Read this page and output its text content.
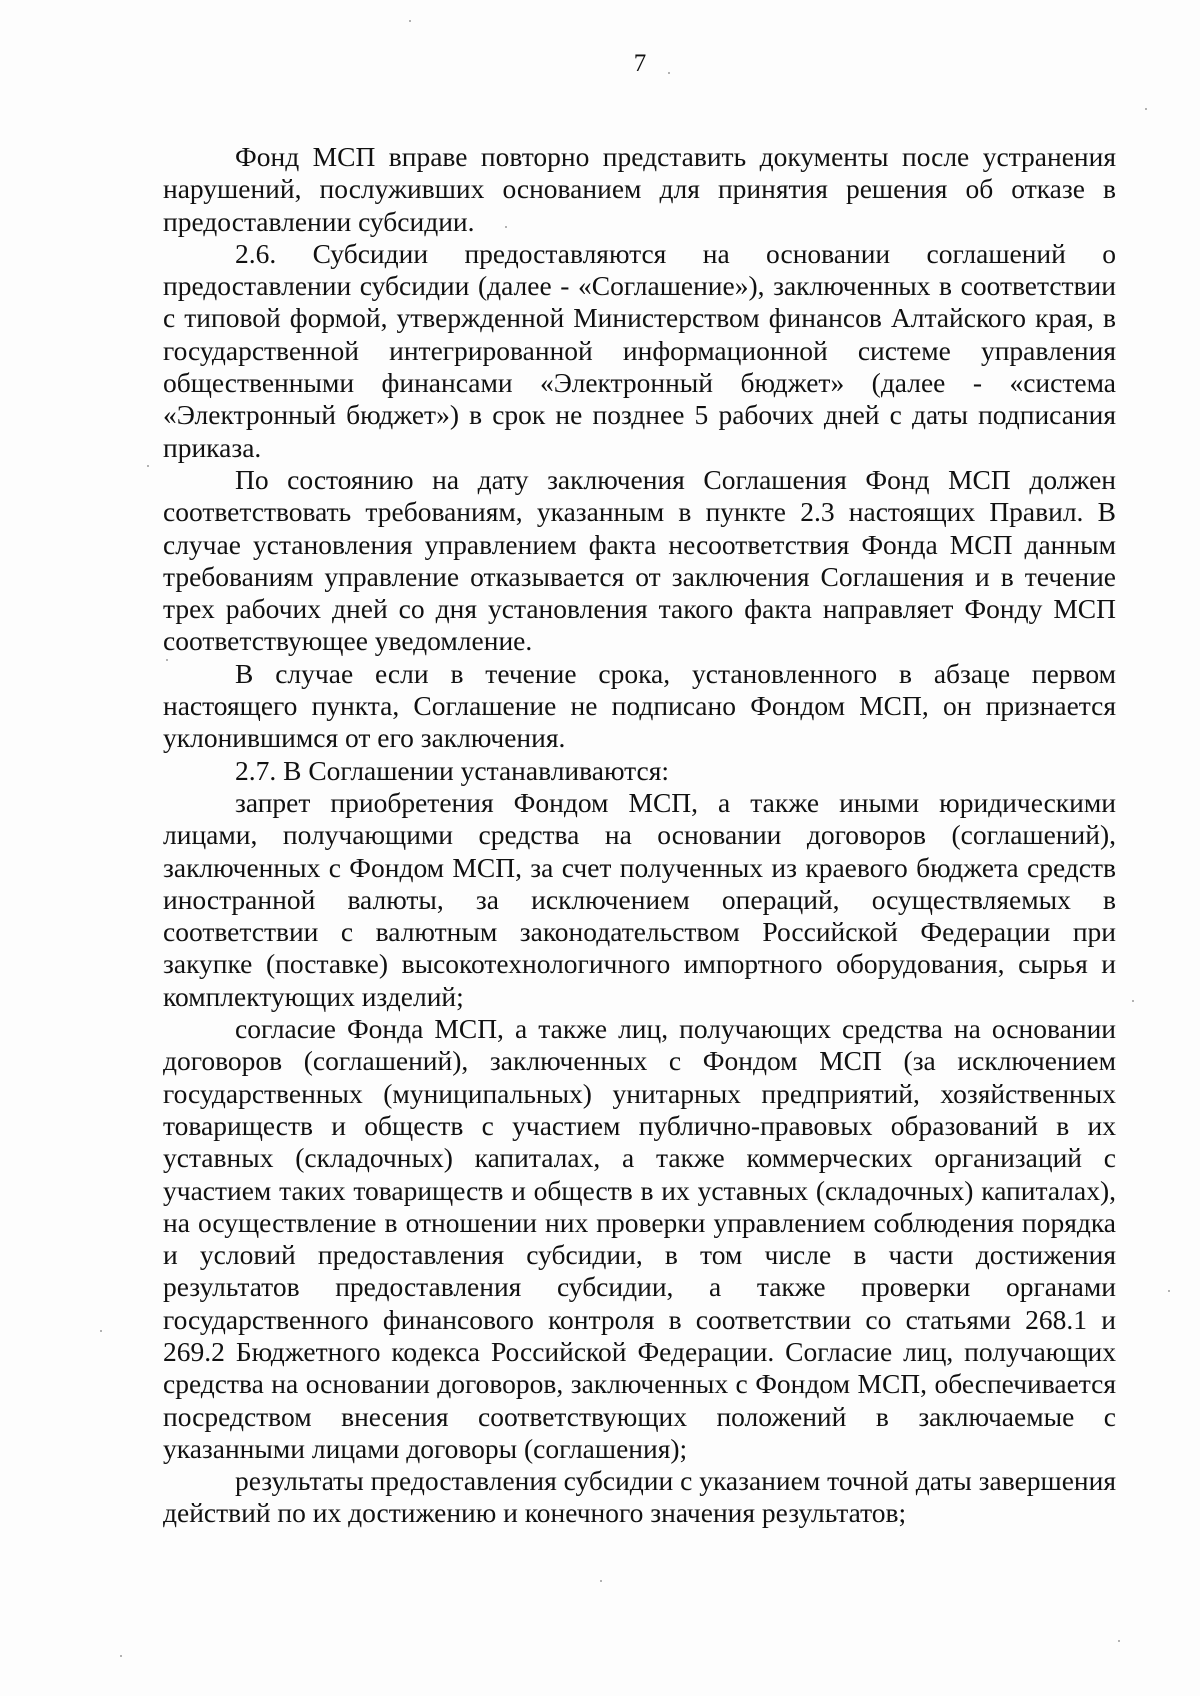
7

Фонд МСП вправе повторно представить документы после устранения нарушений, послуживших основанием для принятия решения об отказе в предоставлении субсидии.

2.6. Субсидии предоставляются на основании соглашений о предоставлении субсидии (далее - «Соглашение»), заключенных в соответствии с типовой формой, утвержденной Министерством финансов Алтайского края, в государственной интегрированной информационной системе управления общественными финансами «Электронный бюджет» (далее - «система «Электронный бюджет») в срок не позднее 5 рабочих дней с даты подписания приказа.

По состоянию на дату заключения Соглашения Фонд МСП должен соответствовать требованиям, указанным в пункте 2.3 настоящих Правил. В случае установления управлением факта несоответствия Фонда МСП данным требованиям управление отказывается от заключения Соглашения и в течение трех рабочих дней со дня установления такого факта направляет Фонду МСП соответствующее уведомление.

В случае если в течение срока, установленного в абзаце первом настоящего пункта, Соглашение не подписано Фондом МСП, он признается уклонившимся от его заключения.

2.7. В Соглашении устанавливаются:

запрет приобретения Фондом МСП, а также иными юридическими лицами, получающими средства на основании договоров (соглашений), заключенных с Фондом МСП, за счет полученных из краевого бюджета средств иностранной валюты, за исключением операций, осуществляемых в соответствии с валютным законодательством Российской Федерации при закупке (поставке) высокотехнологичного импортного оборудования, сырья и комплектующих изделий;

согласие Фонда МСП, а также лиц, получающих средства на основании договоров (соглашений), заключенных с Фондом МСП (за исключением государственных (муниципальных) унитарных предприятий, хозяйственных товариществ и обществ с участием публично-правовых образований в их уставных (складочных) капиталах, а также коммерческих организаций с участием таких товариществ и обществ в их уставных (складочных) капиталах), на осуществление в отношении них проверки управлением соблюдения порядка и условий предоставления субсидии, в том числе в части достижения результатов предоставления субсидии, а также проверки органами государственного финансового контроля в соответствии со статьями 268.1 и 269.2 Бюджетного кодекса Российской Федерации. Согласие лиц, получающих средства на основании договоров, заключенных с Фондом МСП, обеспечивается посредством внесения соответствующих положений в заключаемые с указанными лицами договоры (соглашения);

результаты предоставления субсидии с указанием точной даты завершения действий по их достижению и конечного значения результатов;
